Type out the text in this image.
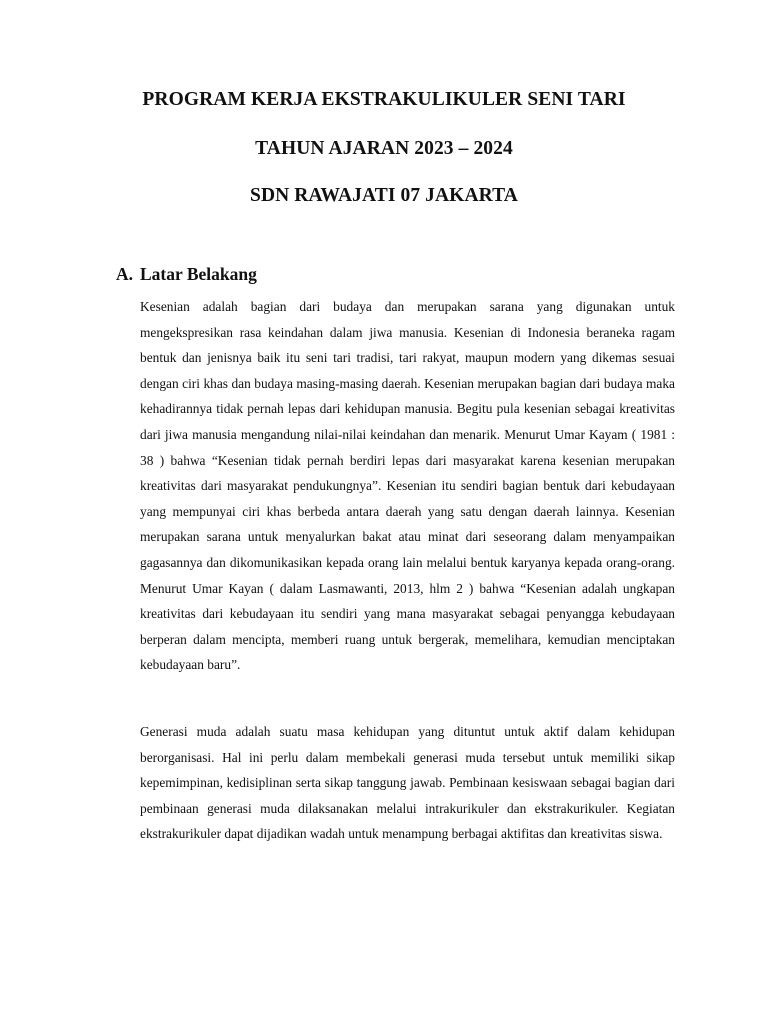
PROGRAM KERJA EKSTRAKULIKULER SENI TARI
TAHUN AJARAN 2023 – 2024
SDN RAWAJATI 07 JAKARTA
A. Latar Belakang

Kesenian adalah bagian dari budaya dan merupakan sarana yang digunakan untuk mengekspresikan rasa keindahan dalam jiwa manusia. Kesenian di Indonesia beraneka ragam bentuk dan jenisnya baik itu seni tari tradisi, tari rakyat, maupun modern yang dikemas sesuai dengan ciri khas dan budaya masing-masing daerah. Kesenian merupakan bagian dari budaya maka kehadirannya tidak pernah lepas dari kehidupan manusia. Begitu pula kesenian sebagai kreativitas dari jiwa manusia mengandung nilai-nilai keindahan dan menarik. Menurut Umar Kayam ( 1981 : 38 ) bahwa “Kesenian tidak pernah berdiri lepas dari masyarakat karena kesenian merupakan kreativitas dari masyarakat pendukungnya”. Kesenian itu sendiri bagian bentuk dari kebudayaan yang mempunyai ciri khas berbeda antara daerah yang satu dengan daerah lainnya. Kesenian merupakan sarana untuk menyalurkan bakat atau minat dari seseorang dalam menyampaikan gagasannya dan dikomunikasikan kepada orang lain melalui bentuk karyanya kepada orang-orang. Menurut Umar Kayan ( dalam Lasmawanti, 2013, hlm 2 ) bahwa “Kesenian adalah ungkapan kreativitas dari kebudayaan itu sendiri yang mana masyarakat sebagai penyangga kebudayaan berperan dalam mencipta, memberi ruang untuk bergerak, memelihara, kemudian menciptakan kebudayaan baru”.

Generasi muda adalah suatu masa kehidupan yang dituntut untuk aktif dalam kehidupan berorganisasi. Hal ini perlu dalam membekali generasi muda tersebut untuk memiliki sikap kepemimpinan, kedisiplinan serta sikap tanggung jawab. Pembinaan kesiswaan sebagai bagian dari pembinaan generasi muda dilaksanakan melalui intrakurikuler dan ekstrakurikuler. Kegiatan ekstrakurikuler dapat dijadikan wadah untuk menampung berbagai aktifitas dan kreativitas siswa.
